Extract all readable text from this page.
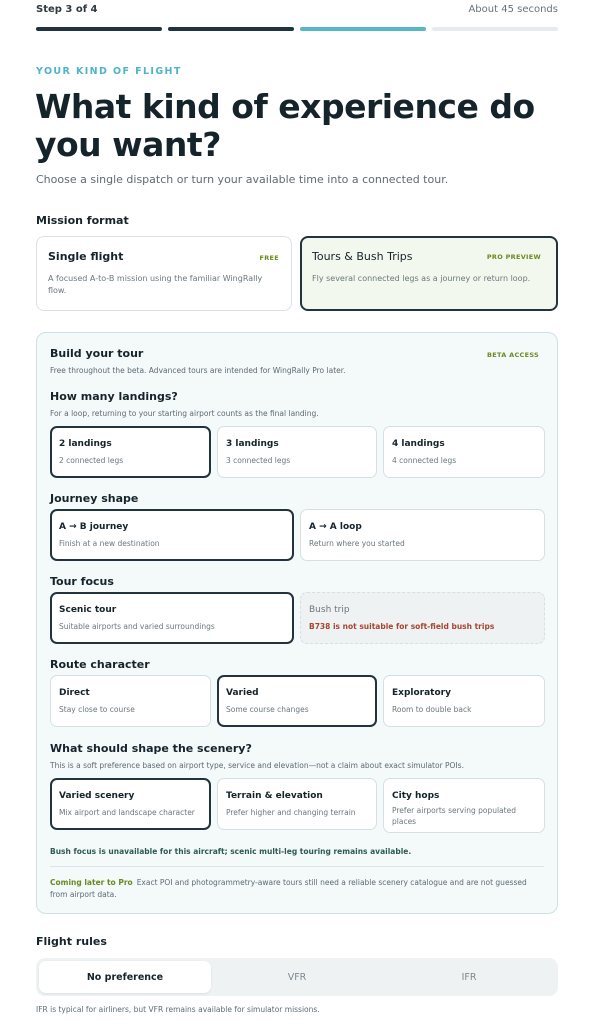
Step 3 of 4	About 45 seconds
YOUR KIND OF FLIGHT
What kind of experience do you want?
Choose a single dispatch or turn your available time into a connected tour.
Mission format
Single flight	FREE
A focused A-to-B mission using the familiar WingRally flow.
Tours & Bush Trips	PRO PREVIEW
Fly several connected legs as a journey or return loop.
Build your tour	BETA ACCESS
Free throughout the beta. Advanced tours are intended for WingRally Pro later.
How many landings?
For a loop, returning to your starting airport counts as the final landing.
2 landings
2 connected legs
3 landings
3 connected legs
4 landings
4 connected legs
Journey shape
A → B journey
Finish at a new destination
A → A loop
Return where you started
Tour focus
Scenic tour
Suitable airports and varied surroundings
Bush trip
B738 is not suitable for soft-field bush trips
Route character
Direct
Stay close to course
Varied
Some course changes
Exploratory
Room to double back
What should shape the scenery?
This is a soft preference based on airport type, service and elevation—not a claim about exact simulator POIs.
Varied scenery
Mix airport and landscape character
Terrain & elevation
Prefer higher and changing terrain
City hops
Prefer airports serving populated places
Bush focus is unavailable for this aircraft; scenic multi-leg touring remains available.
Coming later to Pro Exact POI and photogrammetry-aware tours still need a reliable scenery catalogue and are not guessed from airport data.
Flight rules
No preference	VFR	IFR
IFR is typical for airliners, but VFR remains available for simulator missions.
